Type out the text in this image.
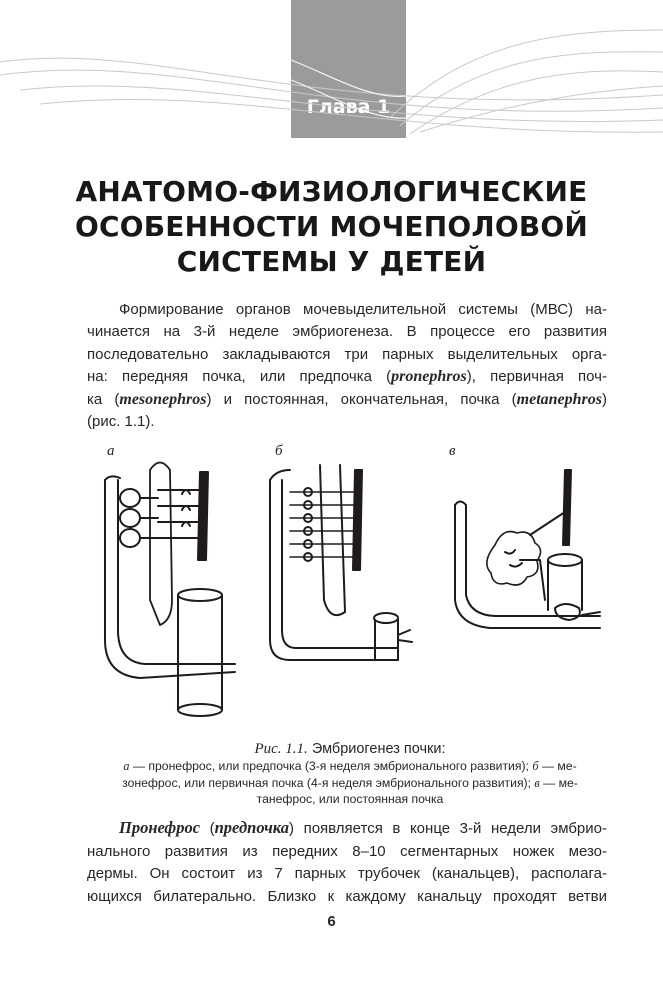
Глава 1
АНАТОМО-ФИЗИОЛОГИЧЕСКИЕ
ОСОБЕННОСТИ МОЧЕПОЛОВОЙ
СИСТЕМЫ У ДЕТЕЙ
Формирование органов мочевыделительной системы (МВС) на-
чинается на 3-й неделе эмбриогенеза. В процессе его развития
последовательно закладываются три парных выделительных орга-
на: передняя почка, или предпочка (pronephros), первичная поч-
ка (mesonephros) и постоянная, окончательная, почка (metanephros)
(рис. 1.1).
а	б	в
Рис. 1.1. Эмбриогенез почки:
а — пронефрос, или предпочка (3-я неделя эмбрионального развития); б — ме-
зонефрос, или первичная почка (4-я неделя эмбрионального развития); в — ме-
танефрос, или постоянная почка
Пронефрос (предпочка) появляется в конце 3-й недели эмбрио-
нального развития из передних 8–10 сегментарных ножек мезо-
дермы. Он состоит из 7 парных трубочек (канальцев), располага-
ющихся билатерально. Близко к каждому канальцу проходят ветви
6
